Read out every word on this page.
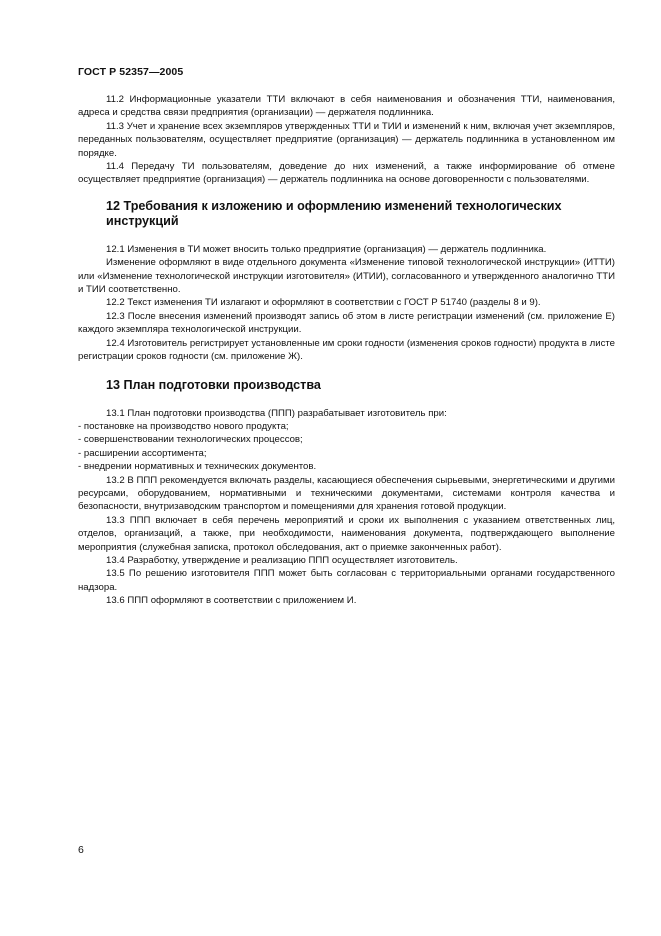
ГОСТ Р 52357—2005

11.2 Информационные указатели ТТИ включают в себя наименования и обозначения ТТИ, наименования, адреса и средства связи предприятия (организации) — держателя подлинника.

11.3 Учет и хранение всех экземпляров утвержденных ТТИ и ТИИ и изменений к ним, включая учет экземпляров, переданных пользователям, осуществляет предприятие (организация) — держатель подлинника в установленном им порядке.

11.4 Передачу ТИ пользователям, доведение до них изменений, а также информирование об отмене осуществляет предприятие (организация) — держатель подлинника на основе договоренности с пользователями.

12 Требования к изложению и оформлению изменений технологических инструкций

12.1 Изменения в ТИ может вносить только предприятие (организация) — держатель подлинника.

Изменение оформляют в виде отдельного документа «Изменение типовой технологической инструкции» (ИТТИ) или «Изменение технологической инструкции изготовителя» (ИТИИ), согласованного и утвержденного аналогично ТТИ и ТИИ соответственно.

12.2 Текст изменения ТИ излагают и оформляют в соответствии с ГОСТ Р 51740 (разделы 8 и 9).

12.3 После внесения изменений производят запись об этом в листе регистрации изменений (см. приложение Е) каждого экземпляра технологической инструкции.

12.4 Изготовитель регистрирует установленные им сроки годности (изменения сроков годности) продукта в листе регистрации сроков годности (см. приложение Ж).

13 План подготовки производства

13.1 План подготовки производства (ППП) разрабатывает изготовитель при:

- постановке на производство нового продукта;
- совершенствовании технологических процессов;
- расширении ассортимента;
- внедрении нормативных и технических документов.

13.2 В ППП рекомендуется включать разделы, касающиеся обеспечения сырьевыми, энергетическими и другими ресурсами, оборудованием, нормативными и техническими документами, системами контроля качества и безопасности, внутризаводским транспортом и помещениями для хранения готовой продукции.

13.3 ППП включает в себя перечень мероприятий и сроки их выполнения с указанием ответственных лиц, отделов, организаций, а также, при необходимости, наименования документа, подтверждающего выполнение мероприятия (служебная записка, протокол обследования, акт о приемке законченных работ).

13.4 Разработку, утверждение и реализацию ППП осуществляет изготовитель.

13.5 По решению изготовителя ППП может быть согласован с территориальными органами государственного надзора.

13.6 ППП оформляют в соответствии с приложением И.

6
